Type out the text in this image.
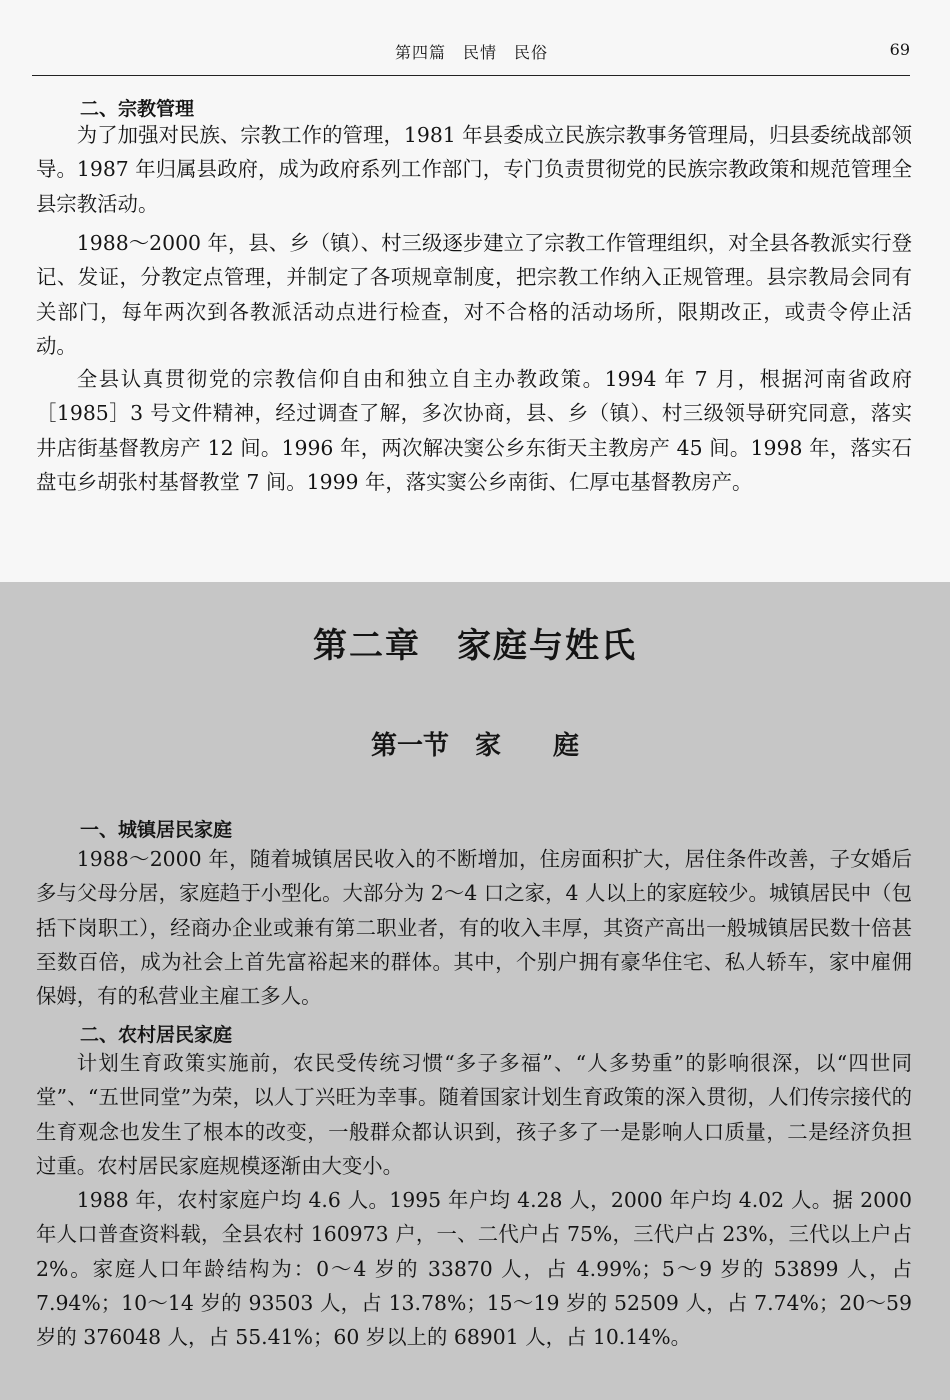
第四篇　民情　民俗	69
二、宗教管理

为了加强对民族、宗教工作的管理，1981 年县委成立民族宗教事务管理局，归县委统战部领导。1987 年归属县政府，成为政府系列工作部门，专门负责贯彻党的民族宗教政策和规范管理全县宗教活动。

1988～2000 年，县、乡（镇）、村三级逐步建立了宗教工作管理组织，对全县各教派实行登记、发证，分教定点管理，并制定了各项规章制度，把宗教工作纳入正规管理。县宗教局会同有关部门，每年两次到各教派活动点进行检查，对不合格的活动场所，限期改正，或责令停止活动。

全县认真贯彻党的宗教信仰自由和独立自主办教政策。1994 年 7 月，根据河南省政府［1985］3 号文件精神，经过调查了解，多次协商，县、乡（镇）、村三级领导研究同意，落实井店街基督教房产 12 间。1996 年，两次解决窦公乡东街天主教房产 45 间。1998 年，落实石盘屯乡胡张村基督教堂 7 间。1999 年，落实窦公乡南街、仁厚屯基督教房产。

第二章　家庭与姓氏
第一节　家　　庭
一、城镇居民家庭

1988～2000 年，随着城镇居民收入的不断增加，住房面积扩大，居住条件改善，子女婚后多与父母分居，家庭趋于小型化。大部分为 2～4 口之家，4 人以上的家庭较少。城镇居民中（包括下岗职工），经商办企业或兼有第二职业者，有的收入丰厚，其资产高出一般城镇居民数十倍甚至数百倍，成为社会上首先富裕起来的群体。其中，个别户拥有豪华住宅、私人轿车，家中雇佣保姆，有的私营业主雇工多人。

二、农村居民家庭

计划生育政策实施前，农民受传统习惯“多子多福”、“人多势重”的影响很深，以“四世同堂”、“五世同堂”为荣，以人丁兴旺为幸事。随着国家计划生育政策的深入贯彻，人们传宗接代的生育观念也发生了根本的改变，一般群众都认识到，孩子多了一是影响人口质量，二是经济负担过重。农村居民家庭规模逐渐由大变小。

1988 年，农村家庭户均 4.6 人。1995 年户均 4.28 人，2000 年户均 4.02 人。据 2000 年人口普查资料载，全县农村 160973 户，一、二代户占 75%，三代户占 23%，三代以上户占 2%。家庭人口年龄结构为：0～4 岁的 33870 人，占 4.99%；5～9 岁的 53899 人，占 7.94%；10～14 岁的 93503 人，占 13.78%；15～19 岁的 52509 人，占 7.74%；20～59 岁的 376048 人，占 55.41%；60 岁以上的 68901 人，占 10.14%。
